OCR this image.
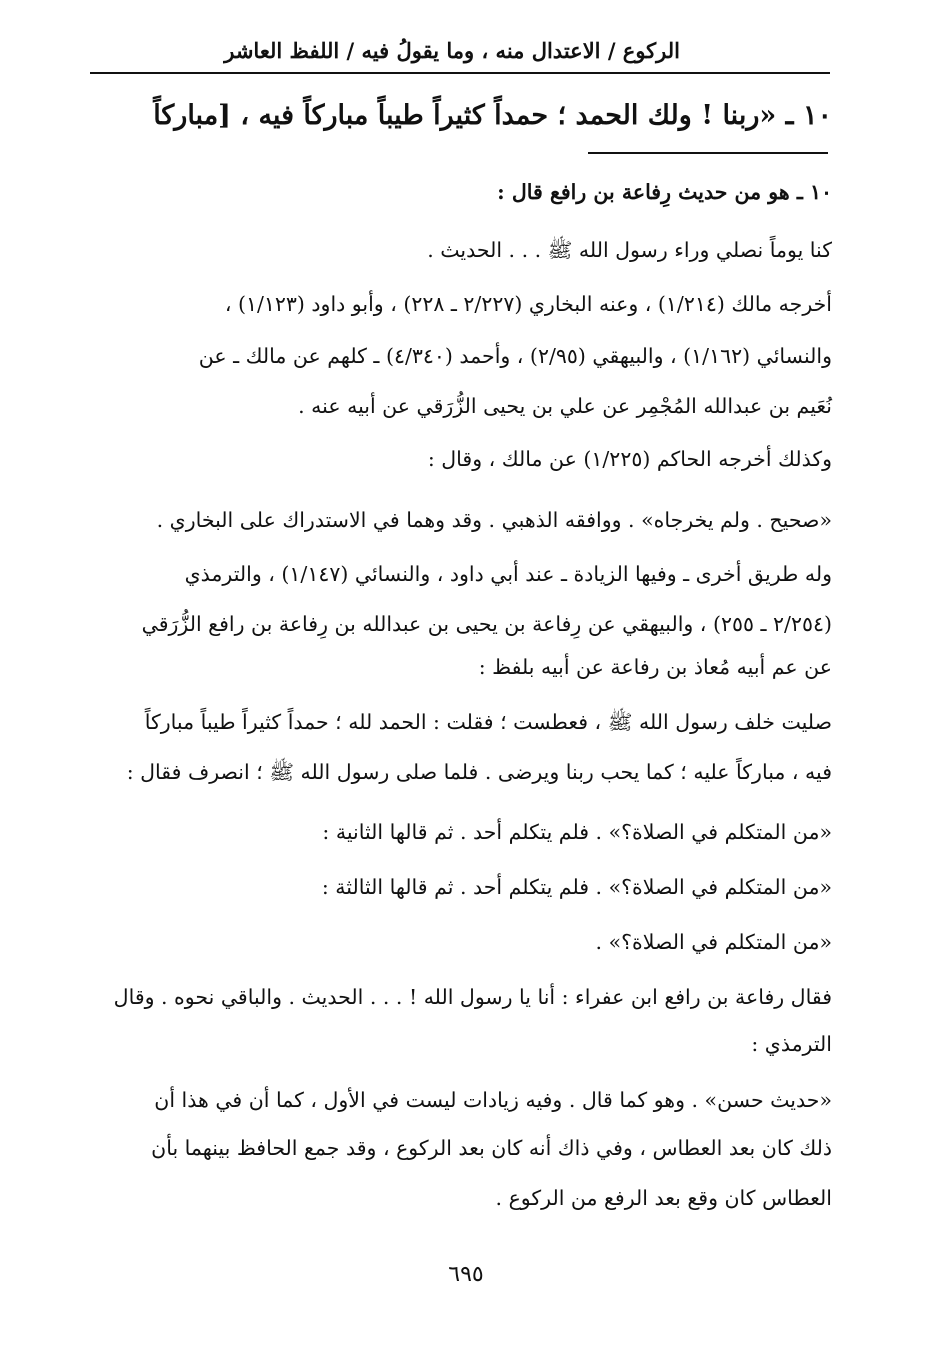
الركوع / الاعتدال منه ، وما يقولُ فيه / اللفظ العاشر
١٠ ـ «ربنا ! ولك الحمد ؛ حمداً كثيراً طيباً مباركاً فيه ، [مباركاً
١٠ ـ هو من حديث رِفاعة بن رافع قال :
كنا يوماً نصلي وراء رسول الله ﷺ . . . الحديث .
أخرجه مالك (١/٢١٤) ، وعنه البخاري (٢/٢٢٧ ـ ٢٢٨) ، وأبو داود (١/١٢٣) ،
والنسائي (١/١٦٢) ، والبيهقي (٢/٩٥) ، وأحمد (٤/٣٤٠) ـ كلهم عن مالك ـ عن
نُعَيم بن عبدالله المُجْمِر عن علي بن يحيى الزُّرَقي عن أبيه عنه .
وكذلك أخرجه الحاكم (١/٢٢٥) عن مالك ، وقال :
«صحيح . ولم يخرجاه» . ووافقه الذهبي . وقد وهما في الاستدراك على البخاري .
وله طريق أخرى ـ وفيها الزيادة ـ عند أبي داود ، والنسائي (١/١٤٧) ، والترمذي
(٢/٢٥٤ ـ ٢٥٥) ، والبيهقي عن رِفاعة بن يحيى بن عبدالله بن رِفاعة بن رافع الزُّرَقي
عن عم أبيه مُعاذ بن رفاعة عن أبيه بلفظ :
صليت خلف رسول الله ﷺ ، فعطست ؛ فقلت : الحمد لله ؛ حمداً كثيراً طيباً مباركاً
فيه ، مباركاً عليه ؛ كما يحب ربنا ويرضى . فلما صلى رسول الله ﷺ ؛ انصرف فقال :
«من المتكلم في الصلاة؟» . فلم يتكلم أحد . ثم قالها الثانية :
«من المتكلم في الصلاة؟» . فلم يتكلم أحد . ثم قالها الثالثة :
«من المتكلم في الصلاة؟» .
فقال رفاعة بن رافع ابن عفراء : أنا يا رسول الله ! . . . الحديث . والباقي نحوه . وقال
الترمذي :
«حديث حسن» . وهو كما قال . وفيه زيادات ليست في الأول ، كما أن في هذا أن
ذلك كان بعد العطاس ، وفي ذاك أنه كان بعد الركوع ، وقد جمع الحافظ بينهما بأن
العطاس كان وقع بعد الرفع من الركوع .
٦٩٥
